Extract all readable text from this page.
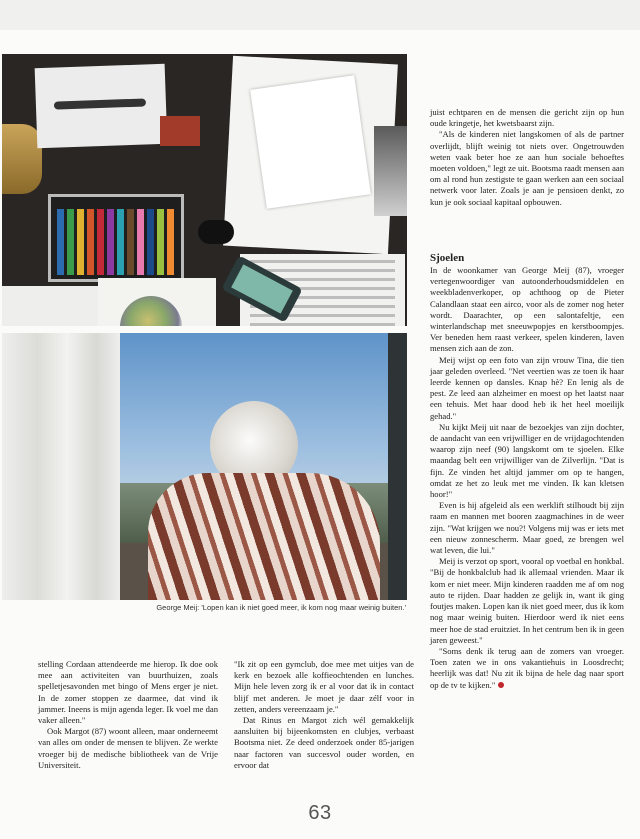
George Meij: 'Lopen kan ik niet goed meer, ik kom nog maar weinig buiten.'

juist echtparen en de mensen die gericht zijn op hun oude kringetje, het kwetsbaarst zijn.

"Als de kinderen niet langskomen of als de partner overlijdt, blijft weinig tot niets over. Ongetrouwden weten vaak beter hoe ze aan hun sociale behoeftes moeten voldoen," legt ze uit. Bootsma raadt mensen aan om al rond hun zestigste te gaan werken aan een sociaal netwerk voor later. Zoals je aan je pensioen denkt, zo kun je ook sociaal kapitaal opbouwen.

Sjoelen

In de woonkamer van George Meij (87), vroeger vertegenwoordiger van autoonderhoudsmiddelen en weekbladenverkoper, op achthoog op de Pieter Calandlaan staat een airco, voor als de zomer nog heter wordt. Daarachter, op een salontafeltje, een winterlandschap met sneeuwpopjes en kerstboompjes. Ver beneden hem raast verkeer, spelen kinderen, laven mensen zich aan de zon.

Meij wijst op een foto van zijn vrouw Tina, die tien jaar geleden overleed. "Net veertien was ze toen ik haar leerde kennen op dansles. Knap hè? En lenig als de pest. Ze leed aan alzheimer en moest op het laatst naar een tehuis. Met haar dood heb ik het heel moeilijk gehad."

Nu kijkt Meij uit naar de bezoekjes van zijn dochter, de aandacht van een vrijwilliger en de vrijdagochtenden waarop zijn neef (90) langskomt om te sjoelen. Elke maandag belt een vrijwilliger van de Zilverlijn. "Dat is fijn. Ze vinden het altijd jammer om op te hangen, omdat ze het zo leuk met me vinden. Ik kan kletsen hoor!"

Even is hij afgeleid als een werklift stilhoudt bij zijn raam en mannen met booren zaagmachines in de weer zijn. "Wat krijgen we nou?! Volgens mij was er iets met een nieuw zonnescherm. Maar goed, ze brengen wel wat leven, die lui."

Meij is verzot op sport, vooral op voetbal en honkbal. "Bij de honkbalclub had ik allemaal vrienden. Maar ik kom er niet meer. Mijn kinderen raadden me af om nog auto te rijden. Daar hadden ze gelijk in, want ik ging foutjes maken. Lopen kan ik niet goed meer, dus ik kom nog maar weinig buiten. Hierdoor werd ik niet eens meer hoe de stad eruitziet. In het centrum ben ik in geen jaren geweest."

"Soms denk ik terug aan de zomers van vroeger. Toen zaten we in ons vakantiehuis in Loosdrecht; heerlijk was dat! Nu zit ik bijna de hele dag naar sport op de tv te kijken."

stelling Cordaan attendeerde me hierop. Ik doe ook mee aan activiteiten van buurthuizen, zoals spelletjesavonden met bingo of Mens erger je niet. In de zomer stoppen ze daarmee, dat vind ik jammer. Ineens is mijn agenda leger. Ik voel me dan vaker alleen."

Ook Margot (87) woont alleen, maar onderneemt van alles om onder de mensen te blijven. Ze werkte vroeger bij de medische bibliotheek van de Vrije Universiteit.

"Ik zit op een gymclub, doe mee met uitjes van de kerk en bezoek alle koffieochtenden en lunches. Mijn hele leven zorg ik er al voor dat ik in contact blijf met anderen. Je moet je daar zélf voor in zetten, anders vereenzaam je."

Dat Rinus en Margot zich wél gemakkelijk aansluiten bij bijeenkomsten en clubjes, verbaast Bootsma niet. Ze deed onderzoek onder 85-jarigen naar factoren van succesvol ouder worden, en ervoor dat

63
